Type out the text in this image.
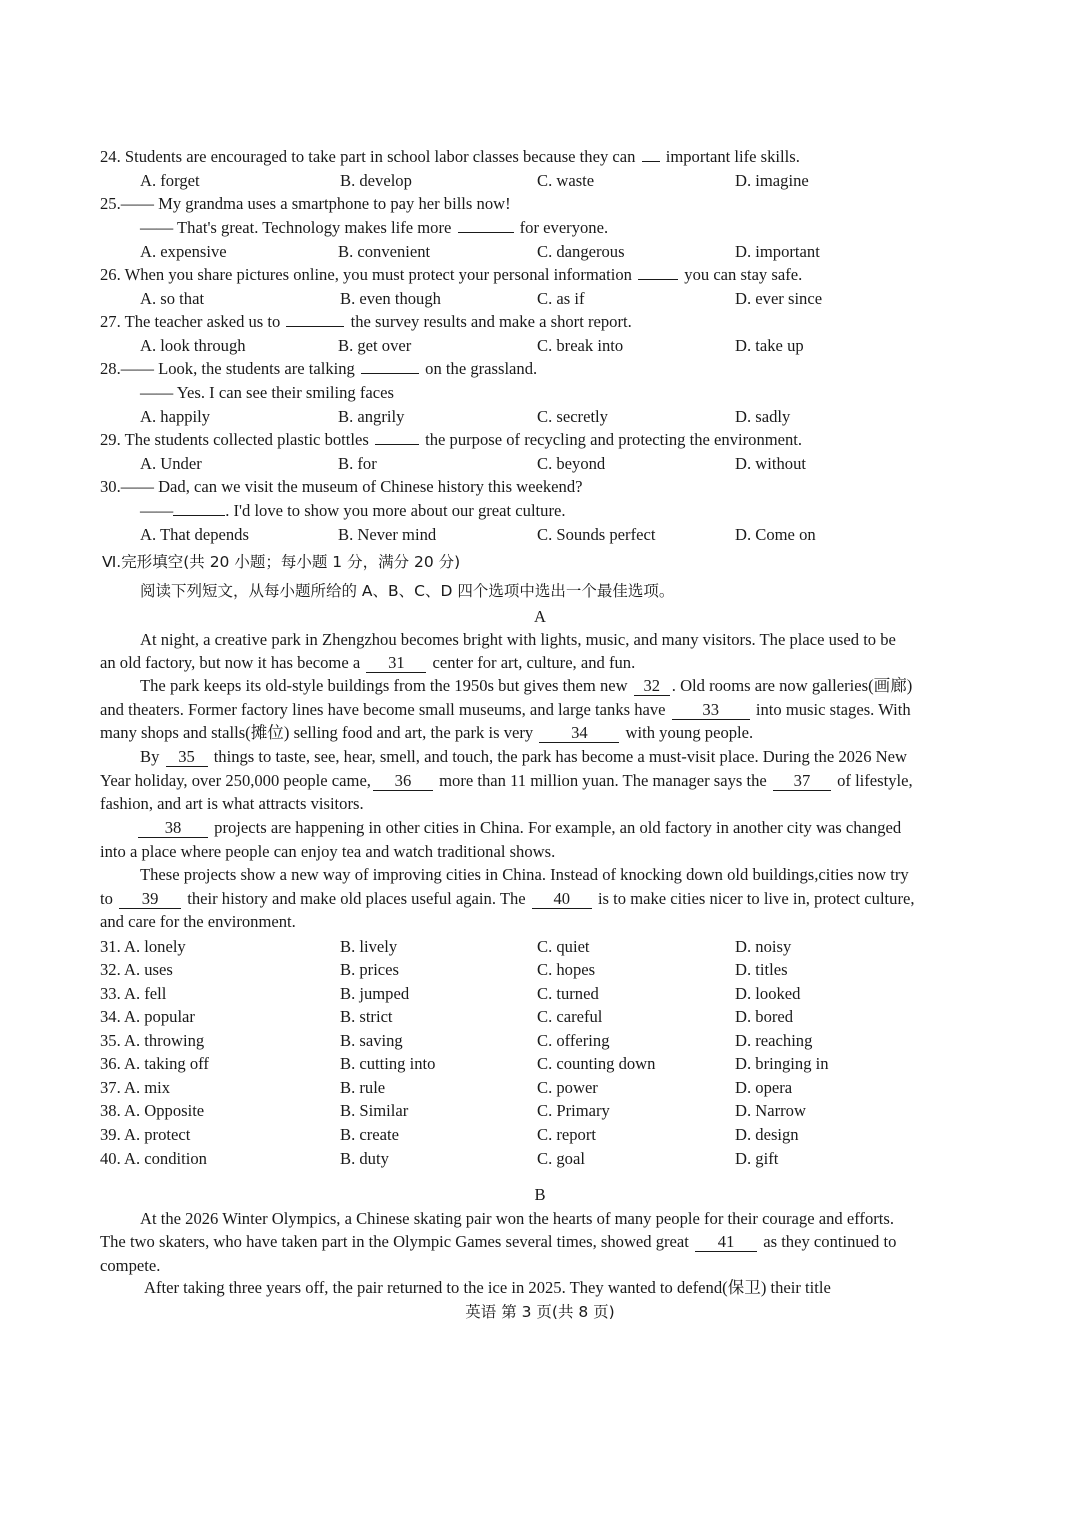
24. Students are encouraged to take part in school labor classes because they can important life skills.
A. forget	B. develop	C. waste	D. imagine
25.—— My grandma uses a smartphone to pay her bills now!
—— That's great. Technology makes life more	for everyone.
A. expensive	B. convenient	C. dangerous	D. important
26. When you share pictures online, you must protect your personal information	you can stay safe.
A. so that	B. even though	C. as if	D. ever since
27. The teacher asked us to	the survey results and make a short report.
A. look through	B. get over	C. break into	D. take up
28.—— Look, the students are talking	on the grassland.
—— Yes. I can see their smiling faces
A. happily	B. angrily	C. secretly	D. sadly
29. The students collected plastic bottles	the purpose of recycling and protecting the environment.
A. Under	B. for	C. beyond	D. without
30.—— Dad, can we visit the museum of Chinese history this weekend?
——	. I'd love to show you more about our great culture.
A. That depends	B. Never mind	C. Sounds perfect	D. Come on
Ⅵ.完形填空(共 20 小题；每小题 1 分，满分 20 分)
阅读下列短文，从每小题所给的 A、B、C、D 四个选项中选出一个最佳选项。
A
At night, a creative park in Zhengzhou becomes bright with lights, music, and many visitors. The place used to be
an old factory, but now it has become a 31 center for art, culture, and fun.
The park keeps its old-style buildings from the 1950s but gives them new 32 . Old rooms are now galleries(画廊)
and theaters. Former factory lines have become small museums, and large tanks have 33 into music stages. With
many shops and stalls(摊位) selling food and art, the park is very 34 with young people.
By 35 things to taste, see, hear, smell, and touch, the park has become a must-visit place. During the 2026 New
Year holiday, over 250,000 people came, 36 more than 11 million yuan. The manager says the 37 of lifestyle,
fashion, and art is what attracts visitors.
38 projects are happening in other cities in China. For example, an old factory in another city was changed
into a place where people can enjoy tea and watch traditional shows.
These projects show a new way of improving cities in China. Instead of knocking down old buildings,cities now try
to 39 their history and make old places useful again. The 40 is to make cities nicer to live in, protect culture,
and care for the environment.
31. A. lonely	B. lively	C. quiet	D. noisy
32. A. uses	B. prices	C. hopes	D. titles
33. A. fell	B. jumped	C. turned	D. looked
34. A. popular	B. strict	C. careful	D. bored
35. A. throwing	B. saving	C. offering	D. reaching
36. A. taking off	B. cutting into	C. counting down	D. bringing in
37. A. mix	B. rule	C. power	D. opera
38. A. Opposite	B. Similar	C. Primary	D. Narrow
39. A. protect	B. create	C. report	D. design
40. A. condition	B. duty	C. goal	D. gift
B
At the 2026 Winter Olympics, a Chinese skating pair won the hearts of many people for their courage and efforts.
The two skaters, who have taken part in the Olympic Games several times, showed great 41 as they continued to
compete.
After taking three years off, the pair returned to the ice in 2025. They wanted to defend(保卫) their title
英语 第 3 页(共 8 页)
